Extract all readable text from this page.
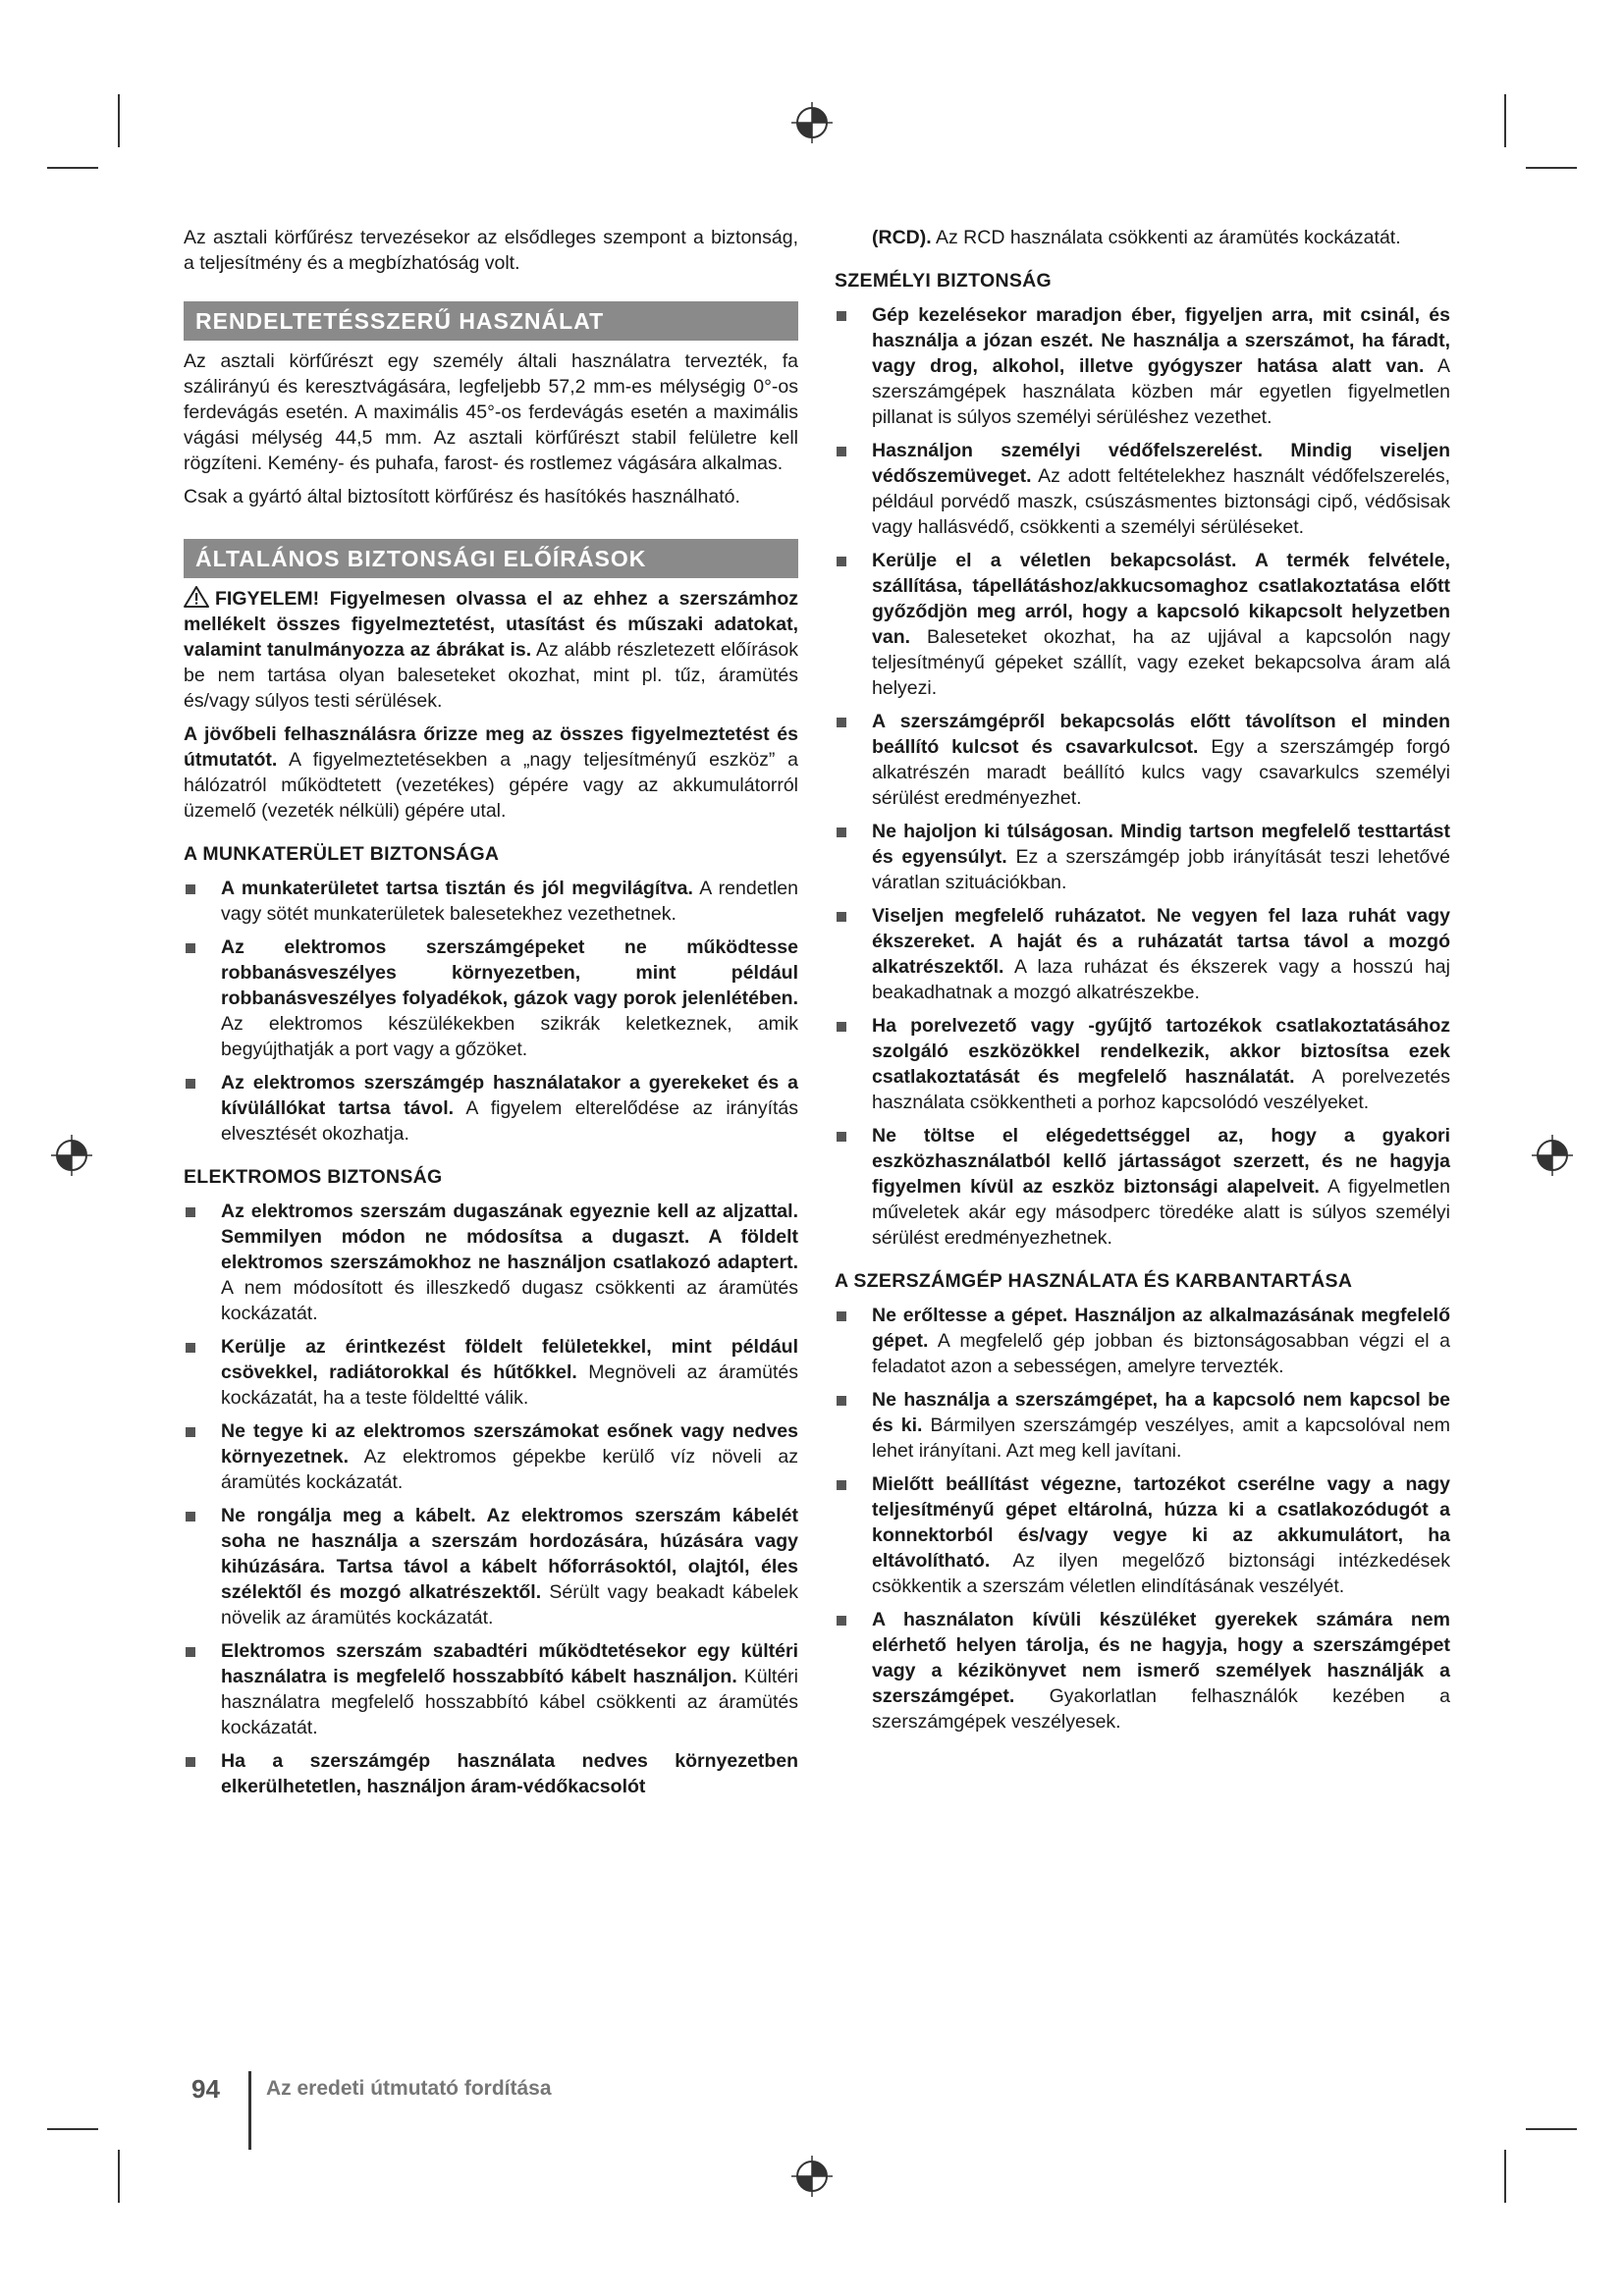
Az asztali körfűrész tervezésekor az elsődleges szempont a biztonság, a teljesítmény és a megbízhatóság volt.

RENDELTETÉSSZERŰ HASZNÁLAT

Az asztali körfűrészt egy személy általi használatra tervezték, fa szálirányú és keresztvágására, legfeljebb 57,2 mm-es mélységig 0°-os ferdevágás esetén. A maximális 45°-os ferdevágás esetén a maximális vágási mélység 44,5 mm. Az asztali körfűrészt stabil felületre kell rögzíteni. Kemény- és puhafa, farost- és rostlemez vágására alkalmas.

Csak a gyártó által biztosított körfűrész és hasítókés használható.

ÁLTALÁNOS BIZTONSÁGI ELŐÍRÁSOK

FIGYELEM! Figyelmesen olvassa el az ehhez a szerszámhoz mellékelt összes figyelmeztetést, utasítást és műszaki adatokat, valamint tanulmányozza az ábrákat is. Az alább részletezett előírások be nem tartása olyan baleseteket okozhat, mint pl. tűz, áramütés és/vagy súlyos testi sérülések.

A jövőbeli felhasználásra őrizze meg az összes figyelmeztetést és útmutatót. A figyelmeztetésekben a „nagy teljesítményű eszköz” a hálózatról működtetett (vezetékes) gépére vagy az akkumulátorról üzemelő (vezeték nélküli) gépére utal.

A MUNKATERÜLET BIZTONSÁGA
A munkaterületet tartsa tisztán és jól megvilágítva. A rendetlen vagy sötét munkaterületek balesetekhez vezethetnek.
Az elektromos szerszámgépeket ne működtesse robbanásveszélyes környezetben, mint például robbanásveszélyes folyadékok, gázok vagy porok jelenlétében. Az elektromos készülékekben szikrák keletkeznek, amik begyújthatják a port vagy a gőzöket.
Az elektromos szerszámgép használatakor a gyerekeket és a kívülállókat tartsa távol. A figyelem elterelődése az irányítás elvesztését okozhatja.
ELEKTROMOS BIZTONSÁG
Az elektromos szerszám dugaszának egyeznie kell az aljzattal. Semmilyen módon ne módosítsa a dugaszt. A földelt elektromos szerszámokhoz ne használjon csatlakozó adaptert. A nem módosított és illeszkedő dugasz csökkenti az áramütés kockázatát.
Kerülje az érintkezést földelt felületekkel, mint például csövekkel, radiátorokkal és hűtőkkel. Megnöveli az áramütés kockázatát, ha a teste földeltté válik.
Ne tegye ki az elektromos szerszámokat esőnek vagy nedves környezetnek. Az elektromos gépekbe kerülő víz növeli az áramütés kockázatát.
Ne rongálja meg a kábelt. Az elektromos szerszám kábelét soha ne használja a szerszám hordozására, húzására vagy kihúzására. Tartsa távol a kábelt hőforrásoktól, olajtól, éles szélektől és mozgó alkatrészektől. Sérült vagy beakadt kábelek növelik az áramütés kockázatát.
Elektromos szerszám szabadtéri működtetésekor egy kültéri használatra is megfelelő hosszabbító kábelt használjon. Kültéri használatra megfelelő hosszabbító kábel csökkenti az áramütés kockázatát.
Ha a szerszámgép használata nedves környezetben elkerülhetetlen, használjon áram-védőkacsolót

(RCD). Az RCD használata csökkenti az áramütés kockázatát.

SZEMÉLYI BIZTONSÁG
Gép kezelésekor maradjon éber, figyeljen arra, mit csinál, és használja a józan eszét. Ne használja a szerszámot, ha fáradt, vagy drog, alkohol, illetve gyógyszer hatása alatt van. A szerszámgépek használata közben már egyetlen figyelmetlen pillanat is súlyos személyi sérüléshez vezethet.
Használjon személyi védőfelszerelést. Mindig viseljen védőszemüveget. Az adott feltételekhez használt védőfelszerelés, például porvédő maszk, csúszásmentes biztonsági cipő, védősisak vagy hallásvédő, csökkenti a személyi sérüléseket.
Kerülje el a véletlen bekapcsolást. A termék felvétele, szállítása, tápellátáshoz/akkucsomaghoz csatlakoztatása előtt győződjön meg arról, hogy a kapcsoló kikapcsolt helyzetben van. Baleseteket okozhat, ha az ujjával a kapcsolón nagy teljesítményű gépeket szállít, vagy ezeket bekapcsolva áram alá helyezi.
A szerszámgépről bekapcsolás előtt távolítson el minden beállító kulcsot és csavarkulcsot. Egy a szerszámgép forgó alkatrészén maradt beállító kulcs vagy csavarkulcs személyi sérülést eredményezhet.
Ne hajoljon ki túlságosan. Mindig tartson megfelelő testtartást és egyensúlyt. Ez a szerszámgép jobb irányítását teszi lehetővé váratlan szituációkban.
Viseljen megfelelő ruházatot. Ne vegyen fel laza ruhát vagy ékszereket. A haját és a ruházatát tartsa távol a mozgó alkatrészektől. A laza ruházat és ékszerek vagy a hosszú haj beakadhatnak a mozgó alkatrészekbe.
Ha porelvezető vagy -gyűjtő tartozékok csatlakoztatásához szolgáló eszközökkel rendelkezik, akkor biztosítsa ezek csatlakoztatását és megfelelő használatát. A porelvezetés használata csökkentheti a porhoz kapcsolódó veszélyeket.
Ne töltse el elégedettséggel az, hogy a gyakori eszközhasználatból kellő jártasságot szerzett, és ne hagyja figyelmen kívül az eszköz biztonsági alapelveit. A figyelmetlen műveletek akár egy másodperc töredéke alatt is súlyos személyi sérülést eredményezhetnek.
A SZERSZÁMGÉP HASZNÁLATA ÉS KARBANTARTÁSA
Ne erőltesse a gépet. Használjon az alkalmazásának megfelelő gépet. A megfelelő gép jobban és biztonságosabban végzi el a feladatot azon a sebességen, amelyre tervezték.
Ne használja a szerszámgépet, ha a kapcsoló nem kapcsol be és ki. Bármilyen szerszámgép veszélyes, amit a kapcsolóval nem lehet irányítani. Azt meg kell javítani.
Mielőtt beállítást végezne, tartozékot cserélne vagy a nagy teljesítményű gépet eltárolná, húzza ki a csatlakozódugót a konnektorból és/vagy vegye ki az akkumulátort, ha eltávolítható. Az ilyen megelőző biztonsági intézkedések csökkentik a szerszám véletlen elindításának veszélyét.
A használaton kívüli készüléket gyerekek számára nem elérhető helyen tárolja, és ne hagyja, hogy a szerszámgépet vagy a kézikönyvet nem ismerő személyek használják a szerszámgépet. Gyakorlatlan felhasználók kezében a szerszámgépek veszélyesek.
94 Az eredeti útmutató fordítása
